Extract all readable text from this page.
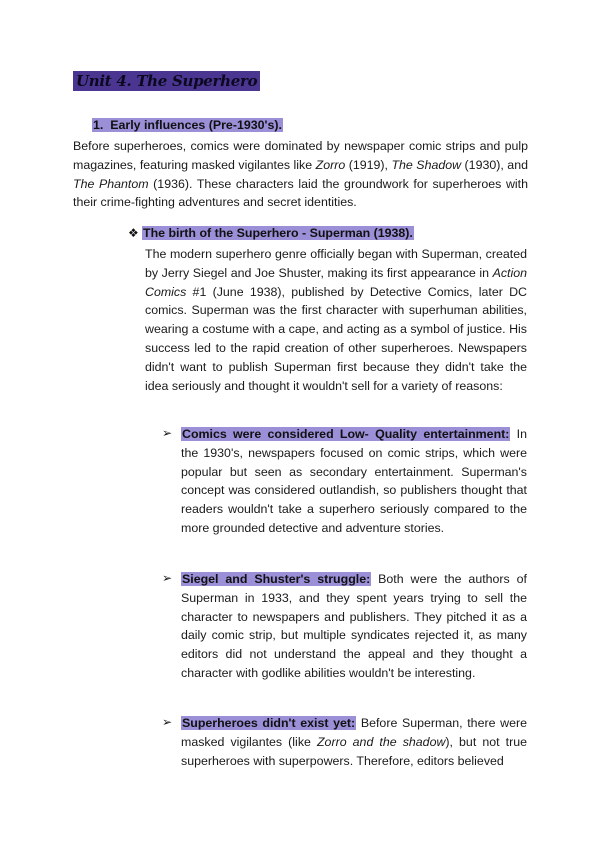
Unit 4. The Superhero
1. Early influences (Pre-1930's).

Before superheroes, comics were dominated by newspaper comic strips and pulp magazines, featuring masked vigilantes like Zorro (1919), The Shadow (1930), and The Phantom (1936). These characters laid the groundwork for superheroes with their crime-fighting adventures and secret identities.

❖ The birth of the Superhero - Superman (1938).

The modern superhero genre officially began with Superman, created by Jerry Siegel and Joe Shuster, making its first appearance in Action Comics #1 (June 1938), published by Detective Comics, later DC comics. Superman was the first character with superhuman abilities, wearing a costume with a cape, and acting as a symbol of justice. His success led to the rapid creation of other superheroes. Newspapers didn't want to publish Superman first because they didn't take the idea seriously and thought it wouldn't sell for a variety of reasons:

➢ Comics were considered Low- Quality entertainment: In the 1930's, newspapers focused on comic strips, which were popular but seen as secondary entertainment. Superman's concept was considered outlandish, so publishers thought that readers wouldn't take a superhero seriously compared to the more grounded detective and adventure stories.

➢ Siegel and Shuster's struggle: Both were the authors of Superman in 1933, and they spent years trying to sell the character to newspapers and publishers. They pitched it as a daily comic strip, but multiple syndicates rejected it, as many editors did not understand the appeal and they thought a character with godlike abilities wouldn't be interesting.

➢ Superheroes didn't exist yet: Before Superman, there were masked vigilantes (like Zorro and the shadow), but not true superheroes with superpowers. Therefore, editors believed
